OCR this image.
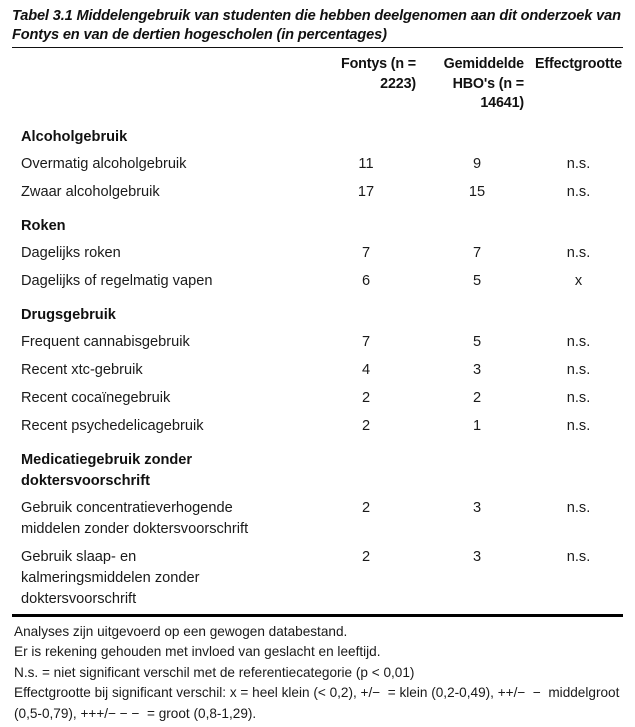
Tabel 3.1 Middelengebruik van studenten die hebben deelgenomen aan dit onderzoek van Fontys en van de dertien hogescholen (in percentages)
	Fontys (n = 2223)	Gemiddelde HBO's (n = 14641)	Effectgrootte
Alcoholgebruik			
Overmatig alcoholgebruik	11	9	n.s.
Zwaar alcoholgebruik	17	15	n.s.

Roken			
Dagelijks roken	7	7	n.s.
Dagelijks of regelmatig vapen	6	5	x

Drugsgebruik			
Frequent cannabisgebruik	7	5	n.s.
Recent xtc-gebruik	4	3	n.s.
Recent cocaïnegebruik	2	2	n.s.
Recent psychedelicagebruik	2	1	n.s.

Medicatiegebruik zonder doktersvoorschrift			

Gebruik concentratieverhogende middelen zonder doktersvoorschrift	2	3	n.s.

Gebruik slaap- en kalmeringsmiddelen zonder doktersvoorschrift	2	3	n.s.

Analyses zijn uitgevoerd op een gewogen databestand.

Er is rekening gehouden met invloed van geslacht en leeftijd.

N.s. = niet significant verschil met de referentiecategorie (p < 0,01)

Effectgrootte bij significant verschil: x = heel klein (< 0,2), +/−  = klein (0,2-0,49), ++/−  −  middelgroot (0,5-0,79), +++/− − −  = groot (0,8-1,29).
